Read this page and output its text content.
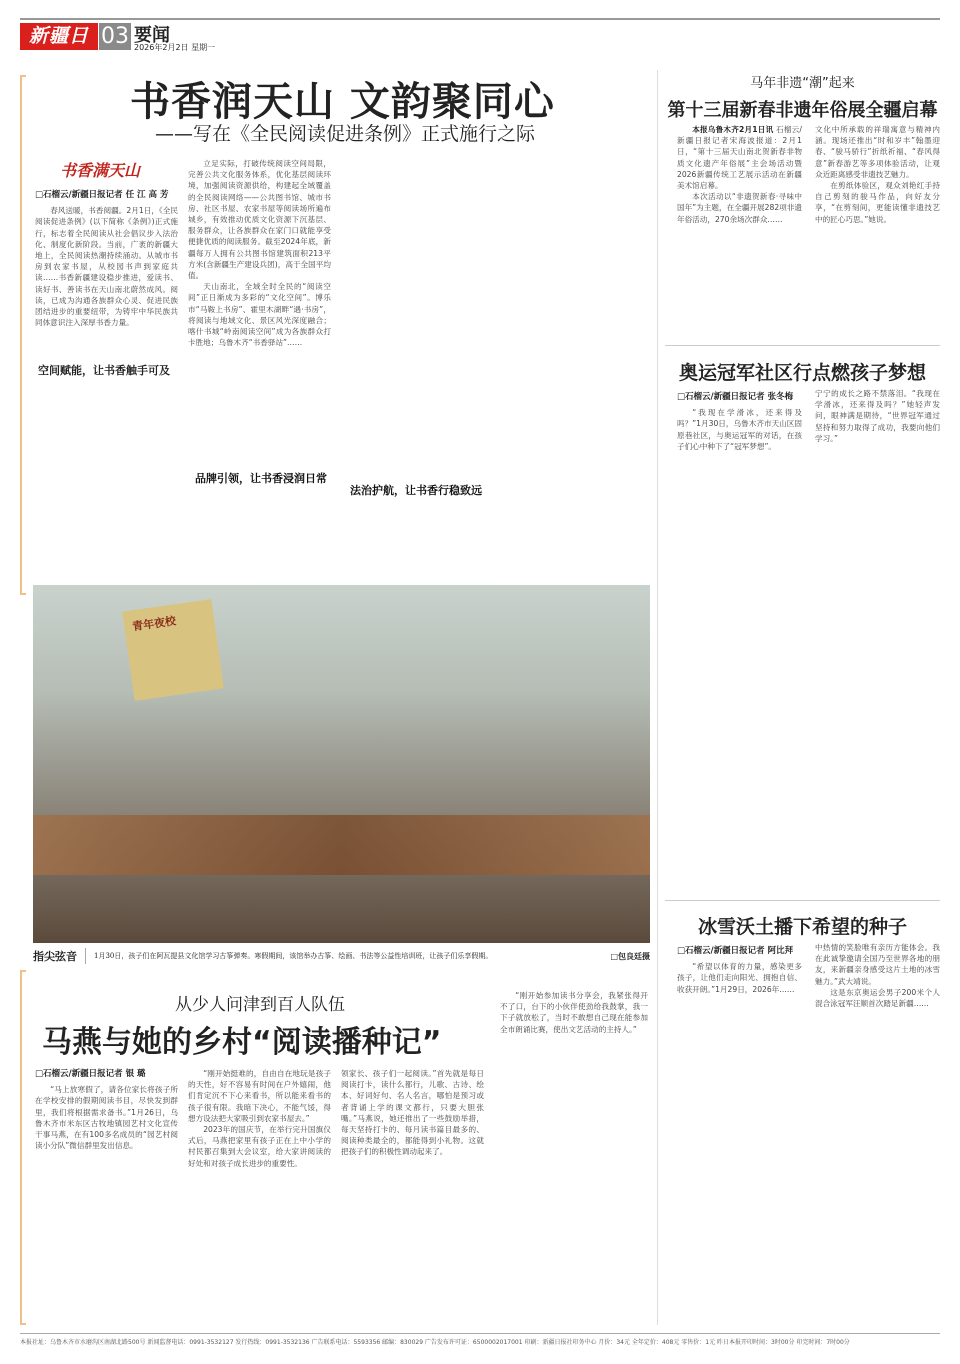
新疆日报
03 要闻
2026年2月2日 星期一
书香润天山 文韵聚同心
——写在《全民阅读促进条例》正式施行之际
书香满天山
□石榴云/新疆日报记者 任 江 高 芳

春风送暖，书香阅疆。2月1日，《全民阅读促进条例》(以下简称《条例》)正式施行，标志着全民阅读从社会倡议步入法治化、制度化新阶段。当前，广袤的新疆大地上，全民阅读热潮持续涌动。从城市书房到农家书屋，从校园书声到家庭共读……书香新疆建设稳步推进，爱读书、读好书、善读书在天山南北蔚然成风。阅读，已成为沟通各族群众心灵、促进民族团结进步的重要纽带，为铸牢中华民族共同体意识注入深厚书香力量。

空间赋能，让书香触手可及

立足实际，打破传统阅读空间局限，完善公共文化服务体系，优化基层阅读环境，加强阅读资源供给，构建起全域覆盖的全民阅读网络——公共图书馆、城市书房、社区书屋、农家书屋等阅读场所遍布城乡，有效推动优质文化资源下沉基层、服务群众，让各族群众在家门口就能享受便捷优质的阅读服务。截至2024年底，新疆每万人拥有公共图书馆建筑面积213平方米(含新疆生产建设兵团)，高于全国平均值。

天山南北，全域全时全民的“阅读空间”正日渐成为多彩的“文化空间”。博乐市“马鞍上书房”、霍里木湖畔“遇·书房”，将阅读与地域文化、景区风光深度融合；喀什书城“岭南阅读空间”成为各族群众打卡胜地；乌鲁木齐“书香驿站”……

品牌引领，让书香浸润日常
法治护航，让书香行稳致远
青年夜校
指尖弦音	1月30日，孩子们在阿瓦提县文化馆学习古筝弹奏。寒假期间，该馆举办古筝、绘画、书法等公益性培训班，让孩子们乐享假期。	□包良廷摄
从少人问津到百人队伍
马燕与她的乡村“阅读播种记”
□石榴云/新疆日报记者 银 璐

“马上放寒假了，请各位家长将孩子所在学校安排的假期阅读书目，尽快发到群里，我们将根据需求备书。”1月26日，乌鲁木齐市米东区古牧地镇园艺村文化宣传干事马燕，在有100多名成员的“园艺村阅读小分队”微信群里发出信息。

“刚开始挺难的，自由自在地玩是孩子的天性，好不容易有时间在户外嬉闹，他们肯定沉不下心来看书，所以能来看书的孩子很有限。我暗下决心，不能气馁，得想方设法把大家吸引到农家书屋去。”

2023年的国庆节，在举行完升国旗仪式后，马燕把家里有孩子正在上中小学的村民都召集到大会议室，给大家讲阅读的好处和对孩子成长进步的重要性。

领家长、孩子们一起阅读。”首先就是每日阅读打卡，读什么都行，儿歌、古诗、绘本、好词好句、名人名言，哪怕是预习或者背诵上学的课文都行，只要大胆张嘴。”马燕说，她还推出了一些鼓励举措，每天坚持打卡的、每月读书篇目最多的、阅读种类最全的，都能得到小礼物。这就把孩子们的积极性调动起来了。

“刚开始参加读书分享会，我紧张得开不了口，台下的小伙伴使劲给我鼓掌，我一下子就放松了，当时不敢想自己现在能参加全市朗诵比赛，使出文艺活动的主持人。”

马年非遗“潮”起来
第十三届新春非遗年俗展全疆启幕

本报乌鲁木齐2月1日讯 石榴云/新疆日报记者宋海波报道：2月1日，“第十三届天山南北贺新春非物质文化遗产年俗展”主会场活动暨2026新疆传统工艺展示活动在新疆美术馆启幕。

本次活动以“非遗贺新春·寻味中国年”为主题，在全疆开展282项非遗年俗活动，270余场次群众……

文化中所承载的祥瑞寓意与精神内涵。现场还推出“时和岁丰”翰墨迎春、“骏马骄行”折纸祈福、“春风得意”新春游艺等多项体验活动，让观众近距离感受非遗技艺魅力。

在剪纸体验区，观众刘艳红手持自己剪刻的骏马作品，向好友分享，“在剪刻间，更能读懂非遗技艺中的匠心巧思。”她说。

奥运冠军社区行点燃孩子梦想
□石榴云/新疆日报记者 张冬梅

“我现在学滑冰，还来得及吗？”1月30日，乌鲁木齐市天山区固原巷社区，与奥运冠军的对话，在孩子们心中种下了“冠军梦想”。

宁宁的成长之路不禁落泪。“我现在学滑冰，还来得及吗？”她轻声发问，眼神满是期待，“世界冠军通过坚持和努力取得了成功，我要向他们学习。”

冰雪沃土播下希望的种子
□石榴云/新疆日报记者 阿比拜

“希望以体育的力量，感染更多孩子，让他们走向阳光、拥抱自信、收获开朗。”1月29日，2026年……

中热情的笑脸唯有亲历方能体会。我在此诚挚邀请全国乃至世界各地的朋友，来新疆亲身感受这片土地的冰雪魅力。”武大靖说。

这是东京奥运会男子200米个人混合泳冠军汪顺首次踏足新疆……

本报社址：乌鲁木齐市水磨沟区南湖北路500号 新闻监督电话：0991-3532127 发行热线：0991-3532136 广告联系电话：5593356 邮编：830029 广告发布许可证：6500002017001 印刷：新疆日报社印务中心 月价：34元 全年定价：408元 零售价：1元 昨日本报开印时间：3时00分 印完时间：7时00分
